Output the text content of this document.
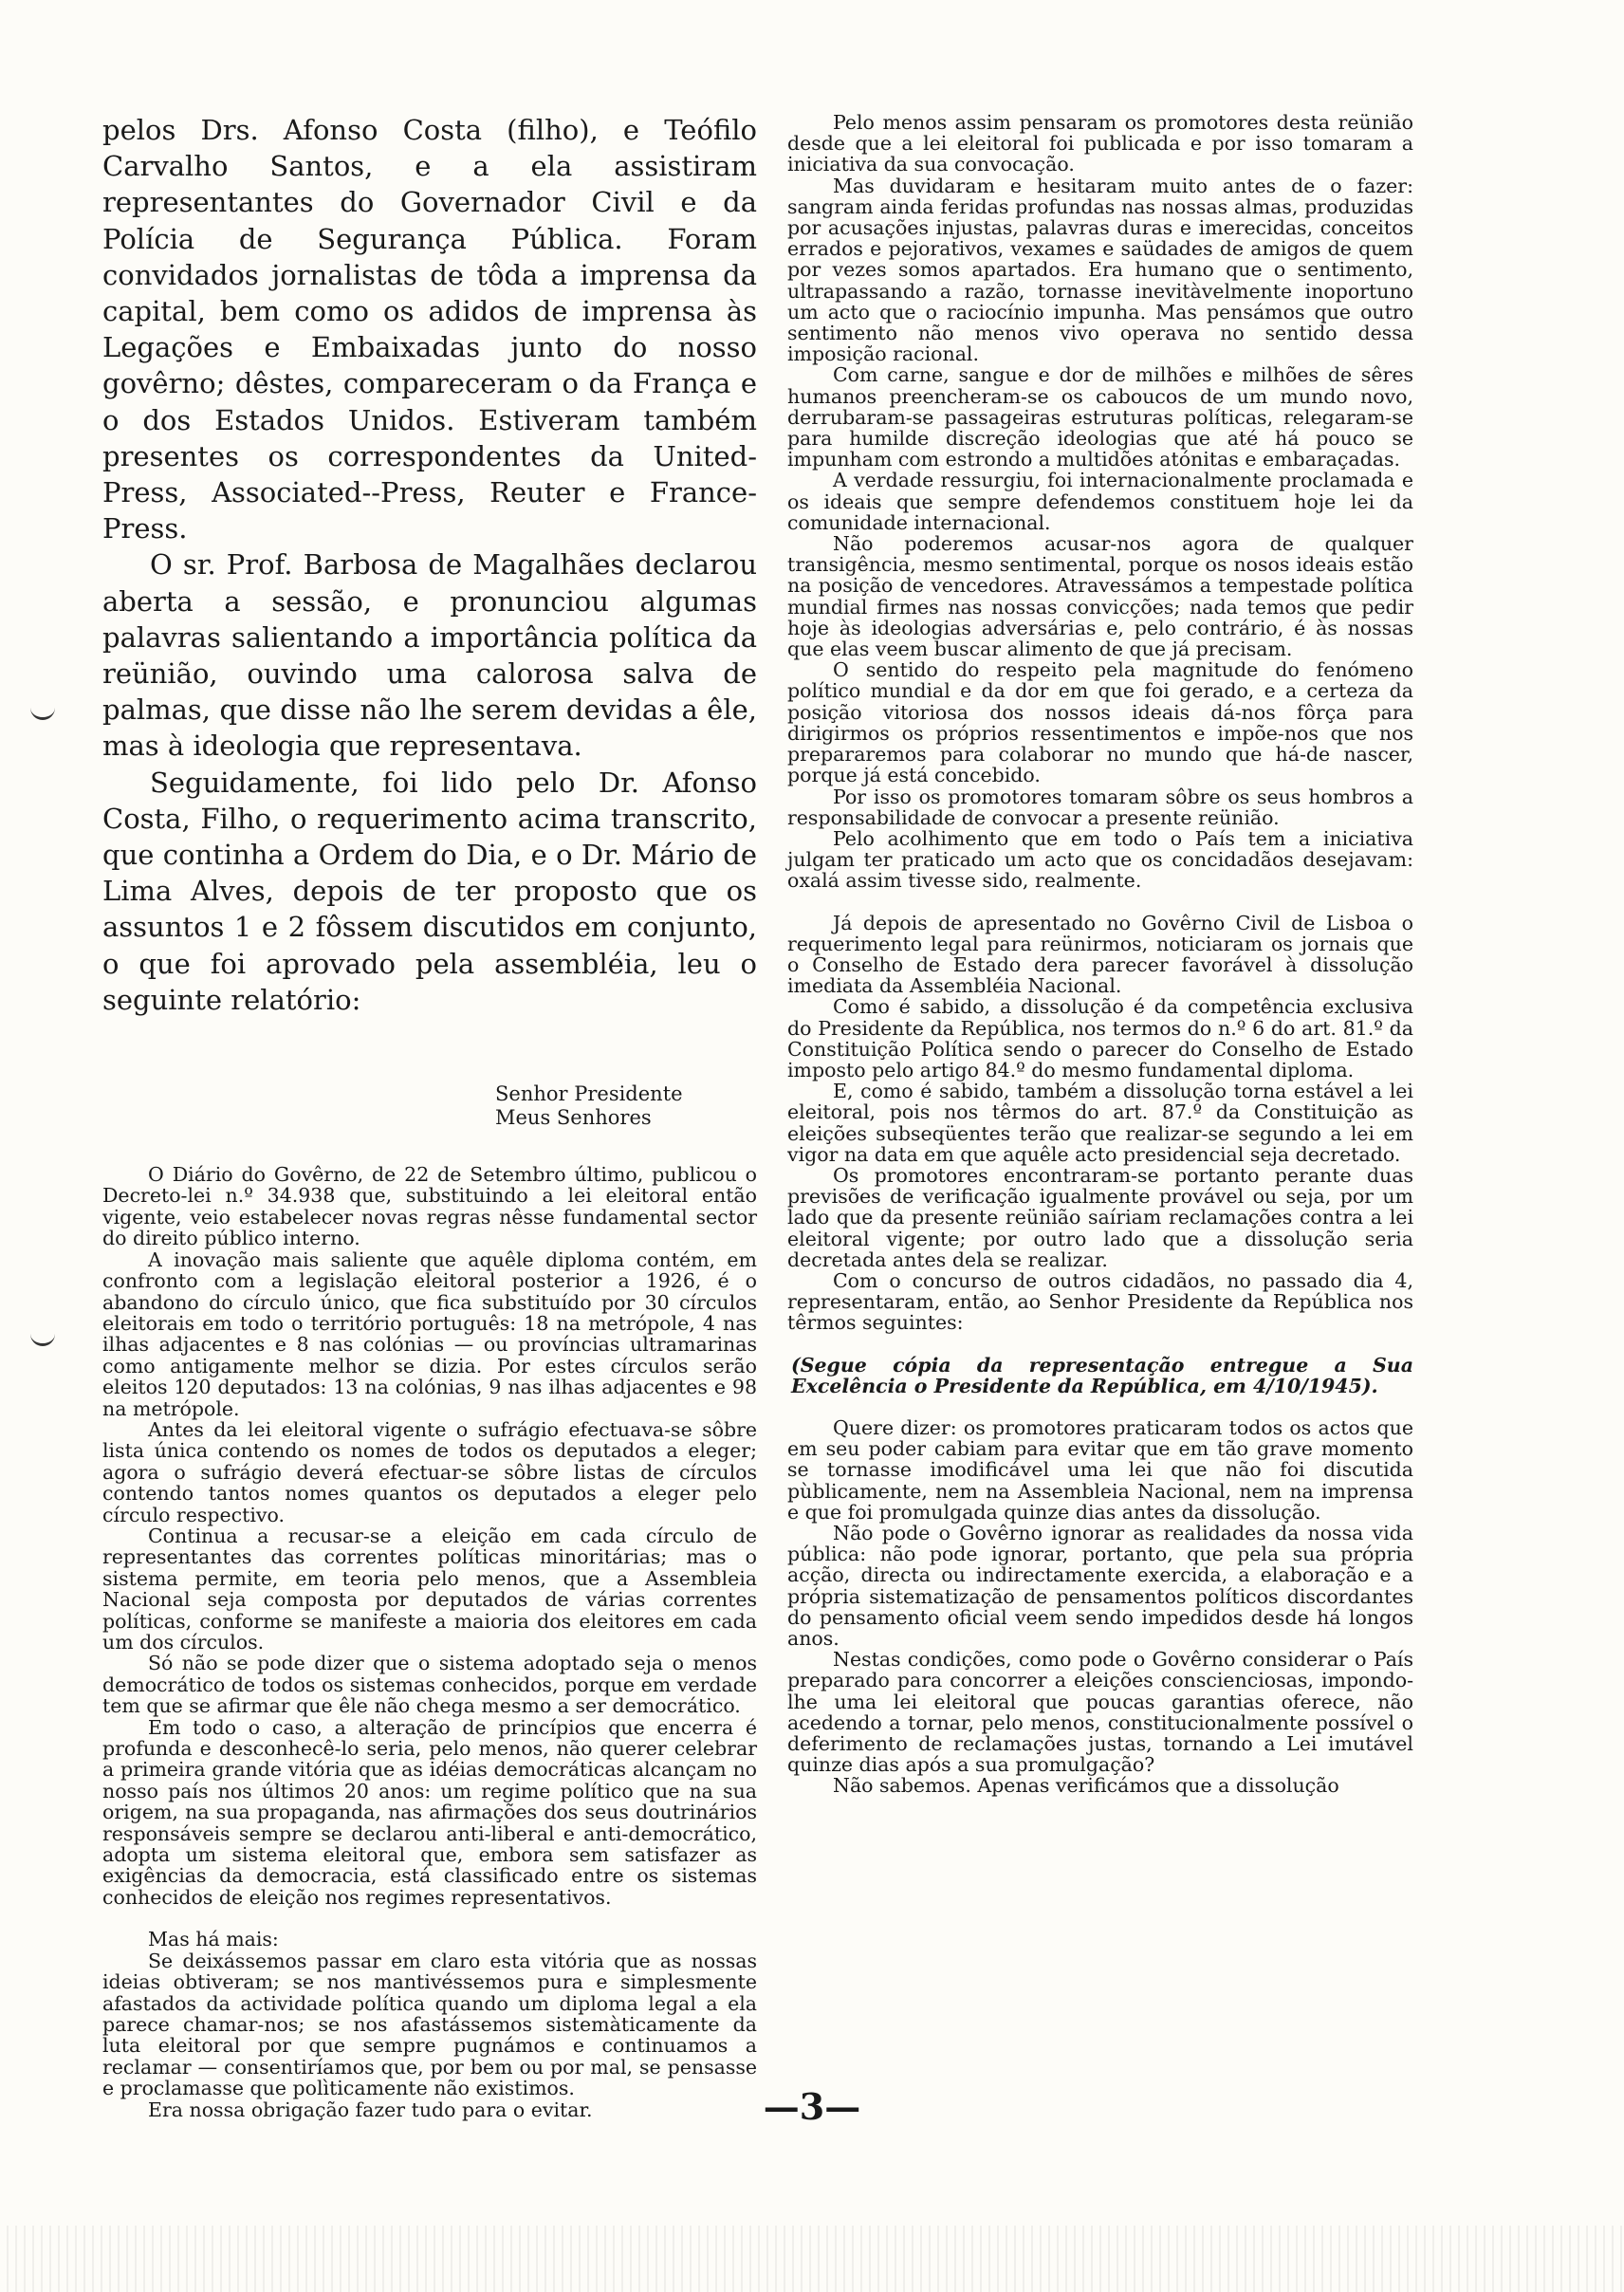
pelos Drs. Afonso Costa (filho), e Teófilo Carvalho Santos, e a ela assistiram representantes do Governador Civil e da Polícia de Segurança Pública. Foram convidados jornalistas de tôda a imprensa da capital, bem como os adidos de imprensa às Legações e Embaixadas junto do nosso govêrno; dêstes, compareceram o da França e o dos Estados Unidos. Estiveram também presentes os correspondentes da United-Press, Associated--Press, Reuter e France-Press.

O sr. Prof. Barbosa de Magalhães declarou aberta a sessão, e pronunciou algumas palavras salientando a importância política da reünião, ouvindo uma calorosa salva de palmas, que disse não lhe serem devidas a êle, mas à ideologia que representava.

Seguidamente, foi lido pelo Dr. Afonso Costa, Filho, o requerimento acima transcrito, que continha a Ordem do Dia, e o Dr. Mário de Lima Alves, depois de ter proposto que os assuntos 1 e 2 fôssem discutidos em conjunto, o que foi aprovado pela assembléia, leu o seguinte relatório:

Senhor Presidente
Meus Senhores

O Diário do Govêrno, de 22 de Setembro último, publicou o Decreto-lei n.º 34.938 que, substituindo a lei eleitoral então vigente, veio estabelecer novas regras nêsse fundamental sector do direito público interno.

A inovação mais saliente que aquêle diploma contém, em confronto com a legislação eleitoral posterior a 1926, é o abandono do círculo único, que fica substituído por 30 círculos eleitorais em todo o território português: 18 na metrópole, 4 nas ilhas adjacentes e 8 nas colónias — ou províncias ultramarinas como antigamente melhor se dizia. Por estes círculos serão eleitos 120 deputados: 13 na colónias, 9 nas ilhas adjacentes e 98 na metrópole.

Antes da lei eleitoral vigente o sufrágio efectuava-se sôbre lista única contendo os nomes de todos os deputados a eleger; agora o sufrágio deverá efectuar-se sôbre listas de círculos contendo tantos nomes quantos os deputados a eleger pelo círculo respectivo.

Continua a recusar-se a eleição em cada círculo de representantes das correntes políticas minoritárias; mas o sistema permite, em teoria pelo menos, que a Assembleia Nacional seja composta por deputados de várias correntes políticas, conforme se manifeste a maioria dos eleitores em cada um dos círculos.

Só não se pode dizer que o sistema adoptado seja o menos democrático de todos os sistemas conhecidos, porque em verdade tem que se afirmar que êle não chega mesmo a ser democrático.

Em todo o caso, a alteração de princípios que encerra é profunda e desconhecê-lo seria, pelo menos, não querer celebrar a primeira grande vitória que as idéias democráticas alcançam no nosso país nos últimos 20 anos: um regime político que na sua origem, na sua propaganda, nas afirmações dos seus doutrinários responsáveis sempre se declarou anti-liberal e anti-democrático, adopta um sistema eleitoral que, embora sem satisfazer as exigências da democracia, está classificado entre os sistemas conhecidos de eleição nos regimes representativos.

Mas há mais:

Se deixássemos passar em claro esta vitória que as nossas ideias obtiveram; se nos mantivéssemos pura e simplesmente afastados da actividade política quando um diploma legal a ela parece chamar-nos; se nos afastássemos sistemàticamente da luta eleitoral por que sempre pugnámos e continuamos a reclamar — consentiríamos que, por bem ou por mal, se pensasse e proclamasse que polìticamente não existimos.

Era nossa obrigação fazer tudo para o evitar.

Pelo menos assim pensaram os promotores desta reünião desde que a lei eleitoral foi publicada e por isso tomaram a iniciativa da sua convocação.

Mas duvidaram e hesitaram muito antes de o fazer: sangram ainda feridas profundas nas nossas almas, produzidas por acusações injustas, palavras duras e imerecidas, conceitos errados e pejorativos, vexames e saüdades de amigos de quem por vezes somos apartados. Era humano que o sentimento, ultrapassando a razão, tornasse inevitàvelmente inoportuno um acto que o raciocínio impunha. Mas pensámos que outro sentimento não menos vivo operava no sentido dessa imposição racional.

Com carne, sangue e dor de milhões e milhões de sêres humanos preencheram-se os caboucos de um mundo novo, derrubaram-se passageiras estruturas políticas, relegaram-se para humilde discreção ideologias que até há pouco se impunham com estrondo a multidões atónitas e embaraçadas.

A verdade ressurgiu, foi internacionalmente proclamada e os ideais que sempre defendemos constituem hoje lei da comunidade internacional.

Não poderemos acusar-nos agora de qualquer transigência, mesmo sentimental, porque os nosos ideais estão na posição de vencedores. Atravessámos a tempestade política mundial firmes nas nossas convicções; nada temos que pedir hoje às ideologias adversárias e, pelo contrário, é às nossas que elas veem buscar alimento de que já precisam.

O sentido do respeito pela magnitude do fenómeno político mundial e da dor em que foi gerado, e a certeza da posição vitoriosa dos nossos ideais dá-nos fôrça para dirigirmos os próprios ressentimentos e impõe-nos que nos prepararemos para colaborar no mundo que há-de nascer, porque já está concebido.

Por isso os promotores tomaram sôbre os seus hombros a responsabilidade de convocar a presente reünião.

Pelo acolhimento que em todo o País tem a iniciativa julgam ter praticado um acto que os concidadãos desejavam: oxalá assim tivesse sido, realmente.

Já depois de apresentado no Govêrno Civil de Lisboa o requerimento legal para reünirmos, noticiaram os jornais que o Conselho de Estado dera parecer favorável à dissolução imediata da Assembléia Nacional.

Como é sabido, a dissolução é da competência exclusiva do Presidente da República, nos termos do n.º 6 do art. 81.º da Constituição Política sendo o parecer do Conselho de Estado imposto pelo artigo 84.º do mesmo fundamental diploma.

E, como é sabido, também a dissolução torna estável a lei eleitoral, pois nos têrmos do art. 87.º da Constituição as eleições subseqüentes terão que realizar-se segundo a lei em vigor na data em que aquêle acto presidencial seja decretado.

Os promotores encontraram-se portanto perante duas previsões de verificação igualmente provável ou seja, por um lado que da presente reünião saíriam reclamações contra a lei eleitoral vigente; por outro lado que a dissolução seria decretada antes dela se realizar.

Com o concurso de outros cidadãos, no passado dia 4, representaram, então, ao Senhor Presidente da República nos têrmos seguintes:

(Segue cópia da representação entregue a Sua Excelência o Presidente da República, em 4/10/1945).

Quere dizer: os promotores praticaram todos os actos que em seu poder cabiam para evitar que em tão grave momento se tornasse imodificável uma lei que não foi discutida pùblicamente, nem na Assembleia Nacional, nem na imprensa e que foi promulgada quinze dias antes da dissolução.

Não pode o Govêrno ignorar as realidades da nossa vida pública: não pode ignorar, portanto, que pela sua própria acção, directa ou indirectamente exercida, a elaboração e a própria sistematização de pensamentos políticos discordantes do pensamento oficial veem sendo impedidos desde há longos anos.

Nestas condições, como pode o Govêrno considerar o País preparado para concorrer a eleições conscienciosas, impondo-lhe uma lei eleitoral que poucas garantias oferece, não acedendo a tornar, pelo menos, constitucionalmente possível o deferimento de reclamações justas, tornando a Lei imutável quinze dias após a sua promulgação?

Não sabemos. Apenas verificámos que a dissolução

—3—
